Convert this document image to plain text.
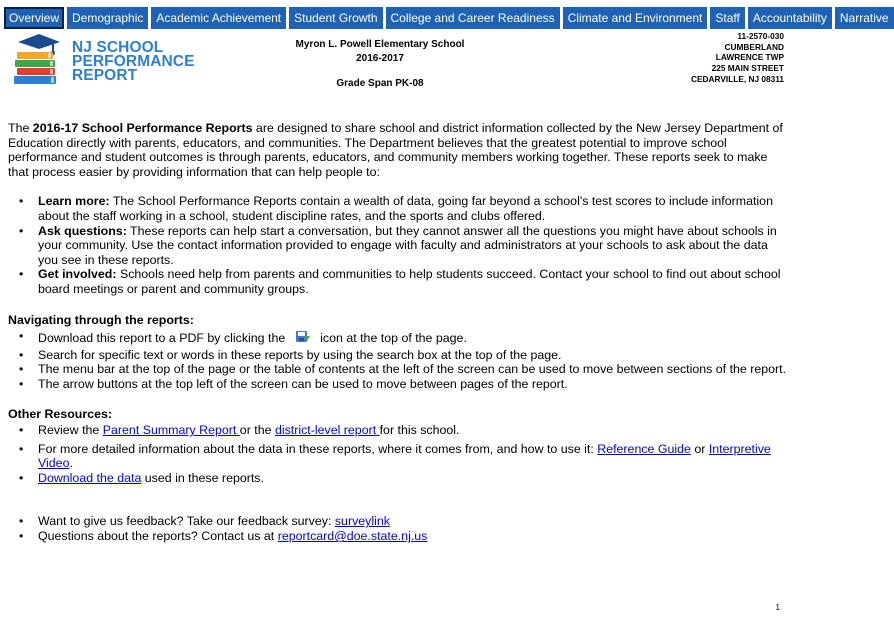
Overview	Demographic	Academic Achievement	Student Growth	College and Career Readiness	Climate and Environment	Staff	Accountability	Narrative
NJ SCHOOL
PERFORMANCE
REPORT
Myron L. Powell Elementary School
2016-2017
Grade Span PK-08
11-2570-030
CUMBERLAND
LAWRENCE TWP
225 MAIN STREET
CEDARVILLE, NJ 08311

The 2016-17 School Performance Reports are designed to share school and district information collected by the New Jersey Department of Education directly with parents, educators, and communities. The Department believes that the greatest potential to improve school performance and student outcomes is through parents, educators, and community members working together. These reports seek to make that process easier by providing information that can help people to:

• Learn more: The School Performance Reports contain a wealth of data, going far beyond a school's test scores to include information about the staff working in a school, student discipline rates, and the sports and clubs offered.
• Ask questions: These reports can help start a conversation, but they cannot answer all the questions you might have about schools in your community. Use the contact information provided to engage with faculty and administrators at your schools to ask about the data you see in these reports.
• Get involved: Schools need help from parents and communities to help students succeed. Contact your school to find out about school board meetings or parent and community groups.

Navigating through the reports:

• Download this report to a PDF by clicking the	icon at the top of the page.
• Search for specific text or words in these reports by using the search box at the top of the page.
• The menu bar at the top of the page or the table of contents at the left of the screen can be used to move between sections of the report.
• The arrow buttons at the top left of the screen can be used to move between pages of the report.

Other Resources:

• Review the Parent Summary Report or the district-level report for this school.
• For more detailed information about the data in these reports, where it comes from, and how to use it: Reference Guide or Interpretive Video.
• Download the data used in these reports.
• Want to give us feedback? Take our feedback survey: surveylink
• Questions about the reports? Contact us at reportcard@doe.state.nj.us
1
